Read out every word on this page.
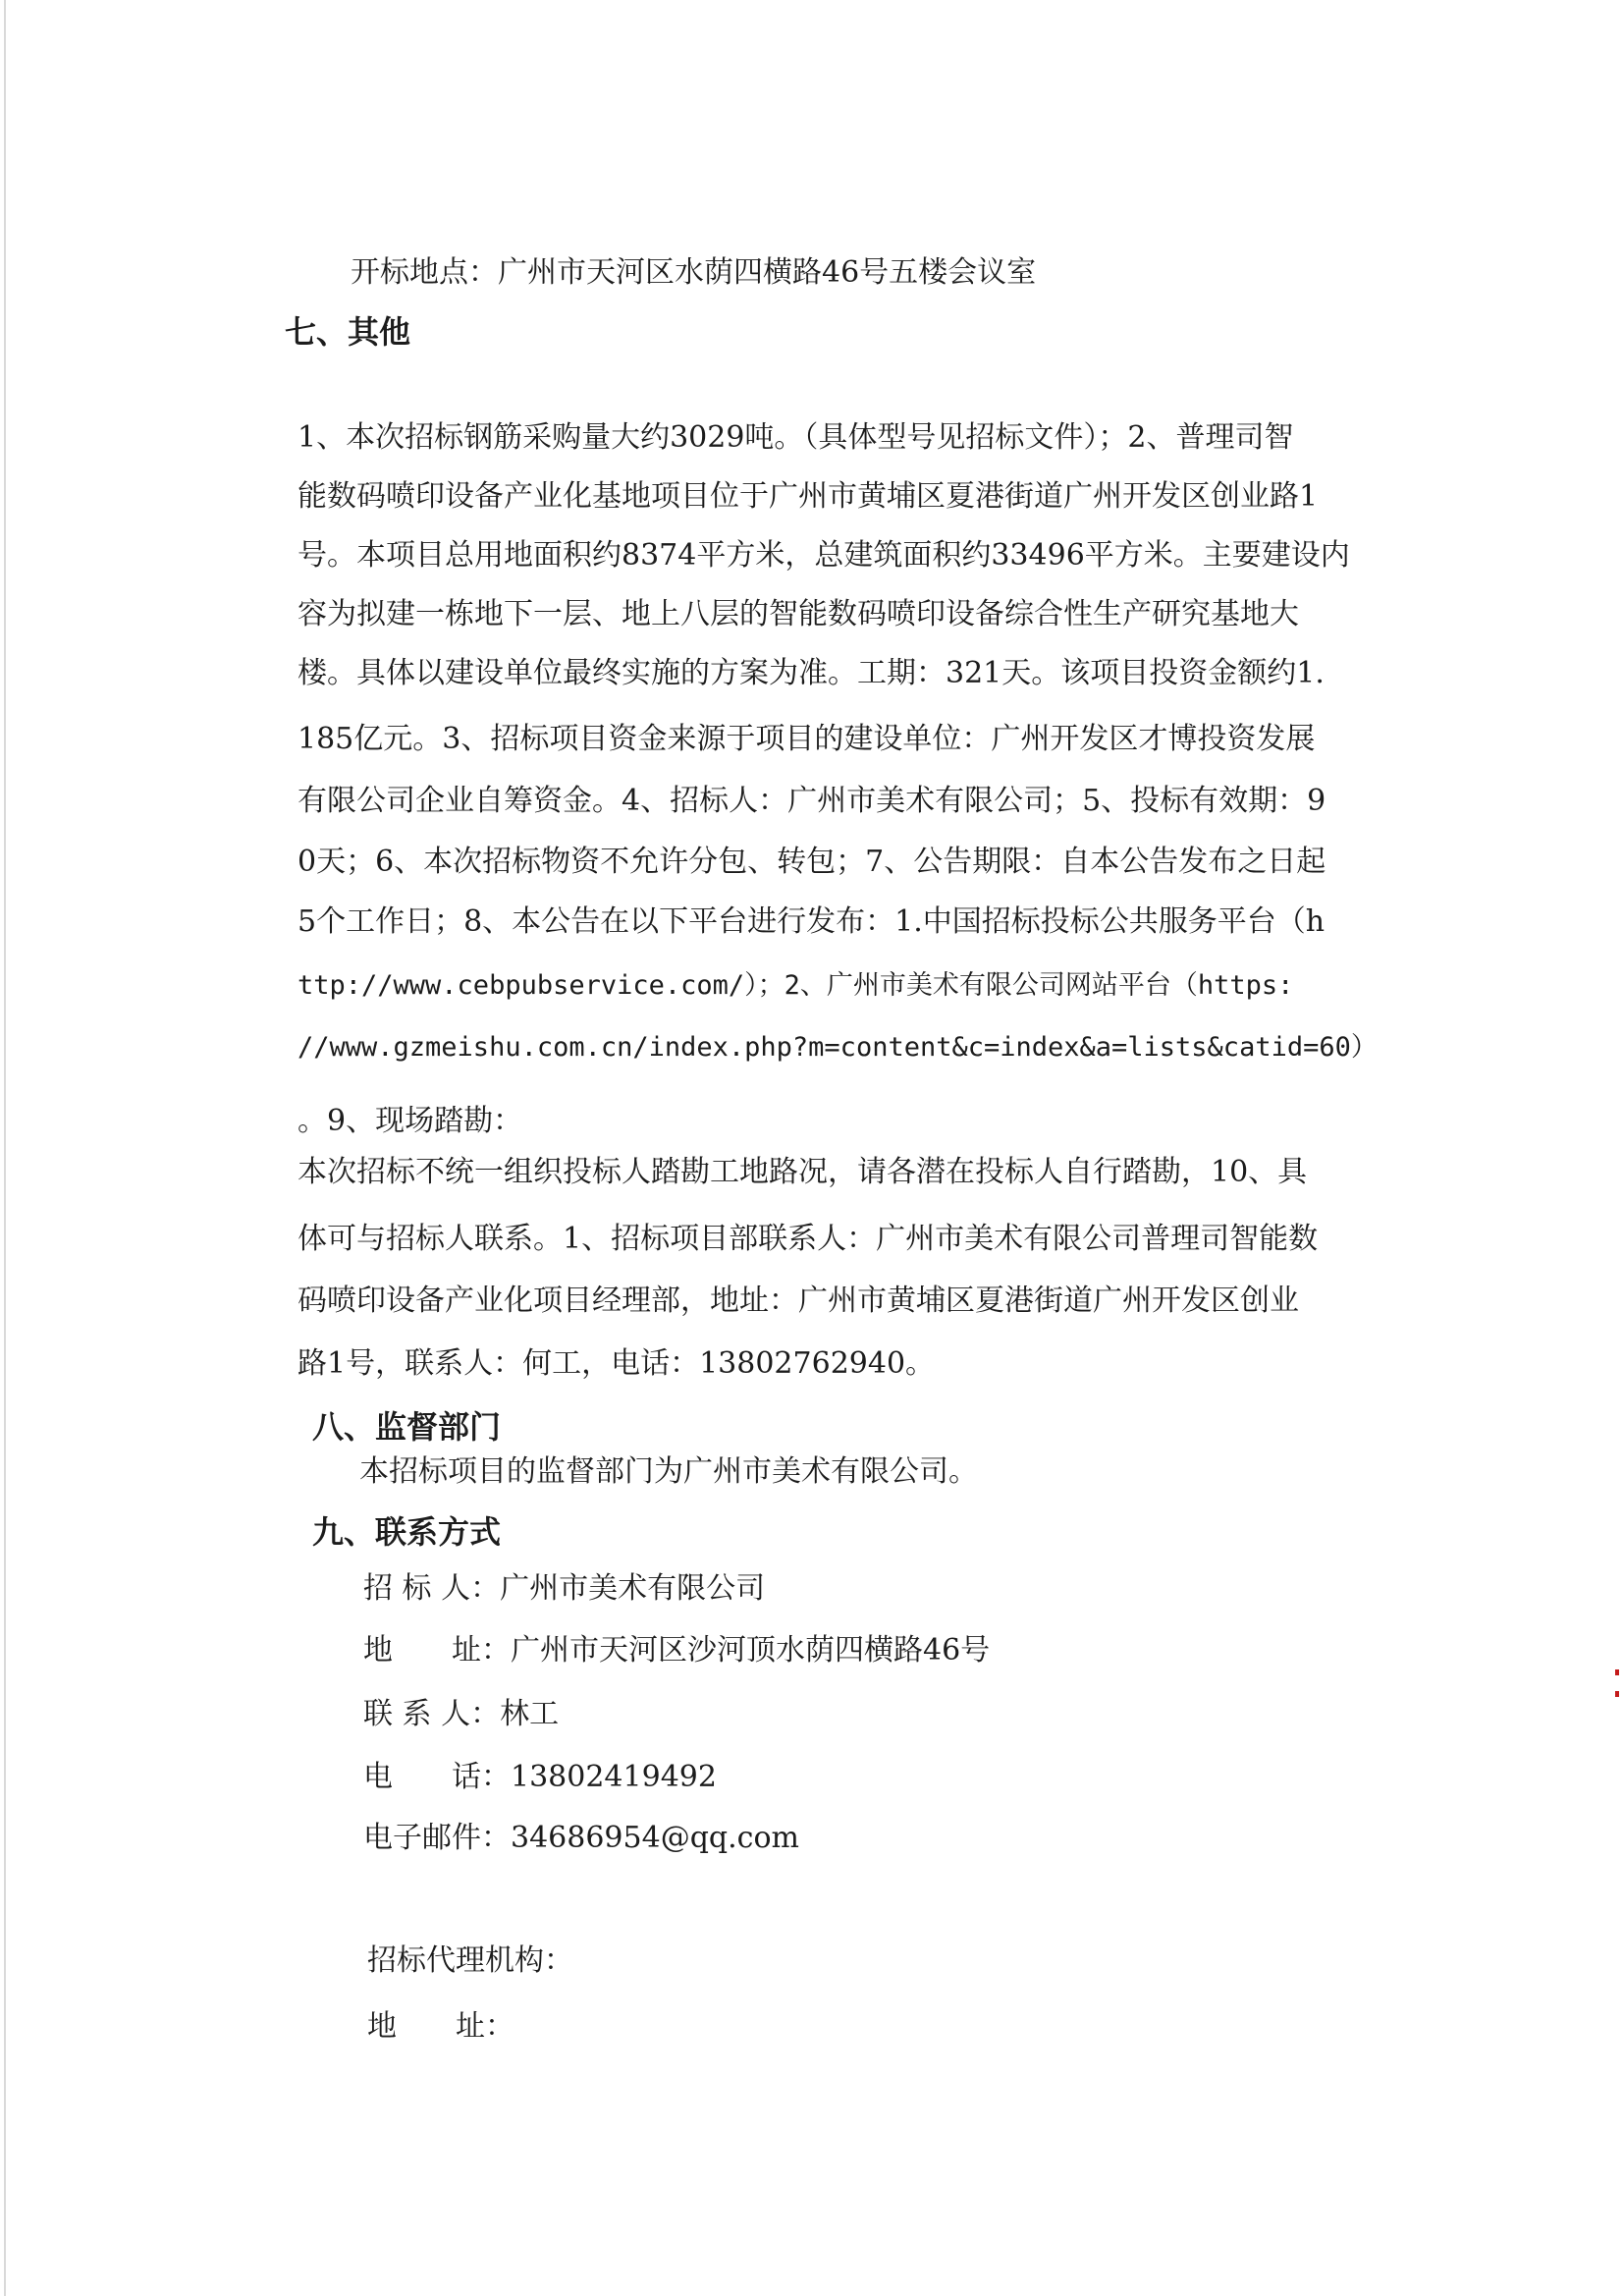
开标地点：广州市天河区水荫四横路46号五楼会议室
七、其他
1、本次招标钢筋采购量大约3029吨。（具体型号见招标文件）；2、普理司智
能数码喷印设备产业化基地项目位于广州市黄埔区夏港街道广州开发区创业路1
号。本项目总用地面积约8374平方米，总建筑面积约33496平方米。主要建设内
容为拟建一栋地下一层、地上八层的智能数码喷印设备综合性生产研究基地大
楼。具体以建设单位最终实施的方案为准。工期：321天。该项目投资金额约1.
185亿元。3、招标项目资金来源于项目的建设单位：广州开发区才博投资发展
有限公司企业自筹资金。4、招标人：广州市美术有限公司；5、投标有效期：9
0天；6、本次招标物资不允许分包、转包；7、公告期限：自本公告发布之日起
5个工作日；8、本公告在以下平台进行发布：1.中国招标投标公共服务平台（h
ttp://www.cebpubservice.com/）；2、广州市美术有限公司网站平台（https:
//www.gzmeishu.com.cn/index.php?m=content&c=index&a=lists&catid=60）
。9、现场踏勘：
本次招标不统一组织投标人踏勘工地路况，请各潜在投标人自行踏勘，10、具
体可与招标人联系。1、招标项目部联系人：广州市美术有限公司普理司智能数
码喷印设备产业化项目经理部，地址：广州市黄埔区夏港街道广州开发区创业
路1号，联系人：何工，电话：13802762940。
八、监督部门
本招标项目的监督部门为广州市美术有限公司。
九、联系方式
招 标 人：广州市美术有限公司
地　　址：广州市天河区沙河顶水荫四横路46号
联 系 人：林工
电　　话：13802419492
电子邮件：34686954@qq.com
招标代理机构：
地　　址：
